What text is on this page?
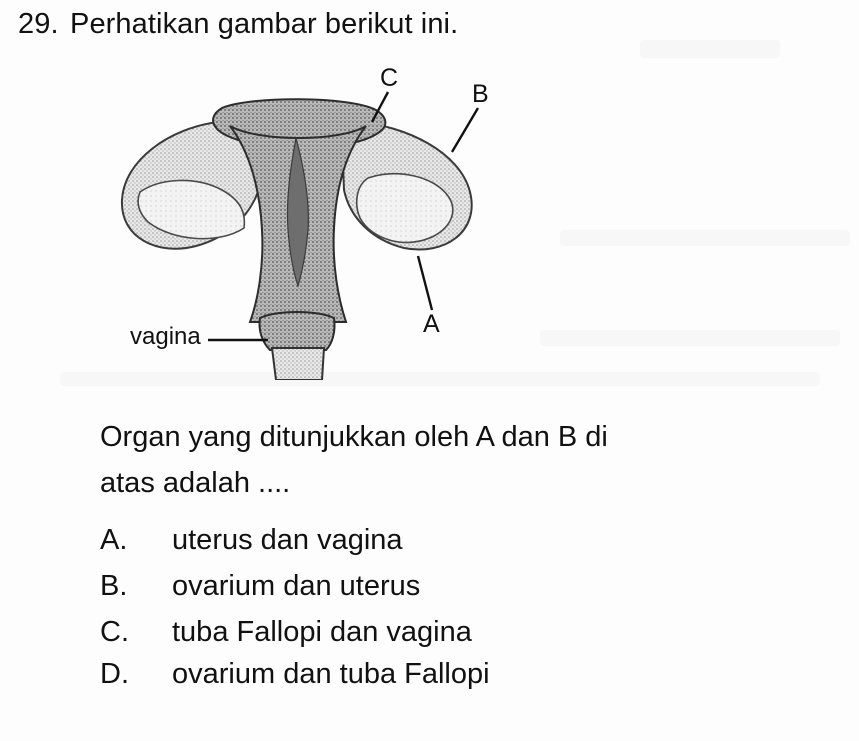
29. Perhatikan gambar berikut ini.
C
B
A
vagina
Organ yang ditunjukkan oleh A dan B di
atas adalah ....
A.	uterus dan vagina
B.	ovarium dan uterus
C.	tuba Fallopi dan vagina
D.	ovarium dan tuba Fallopi
